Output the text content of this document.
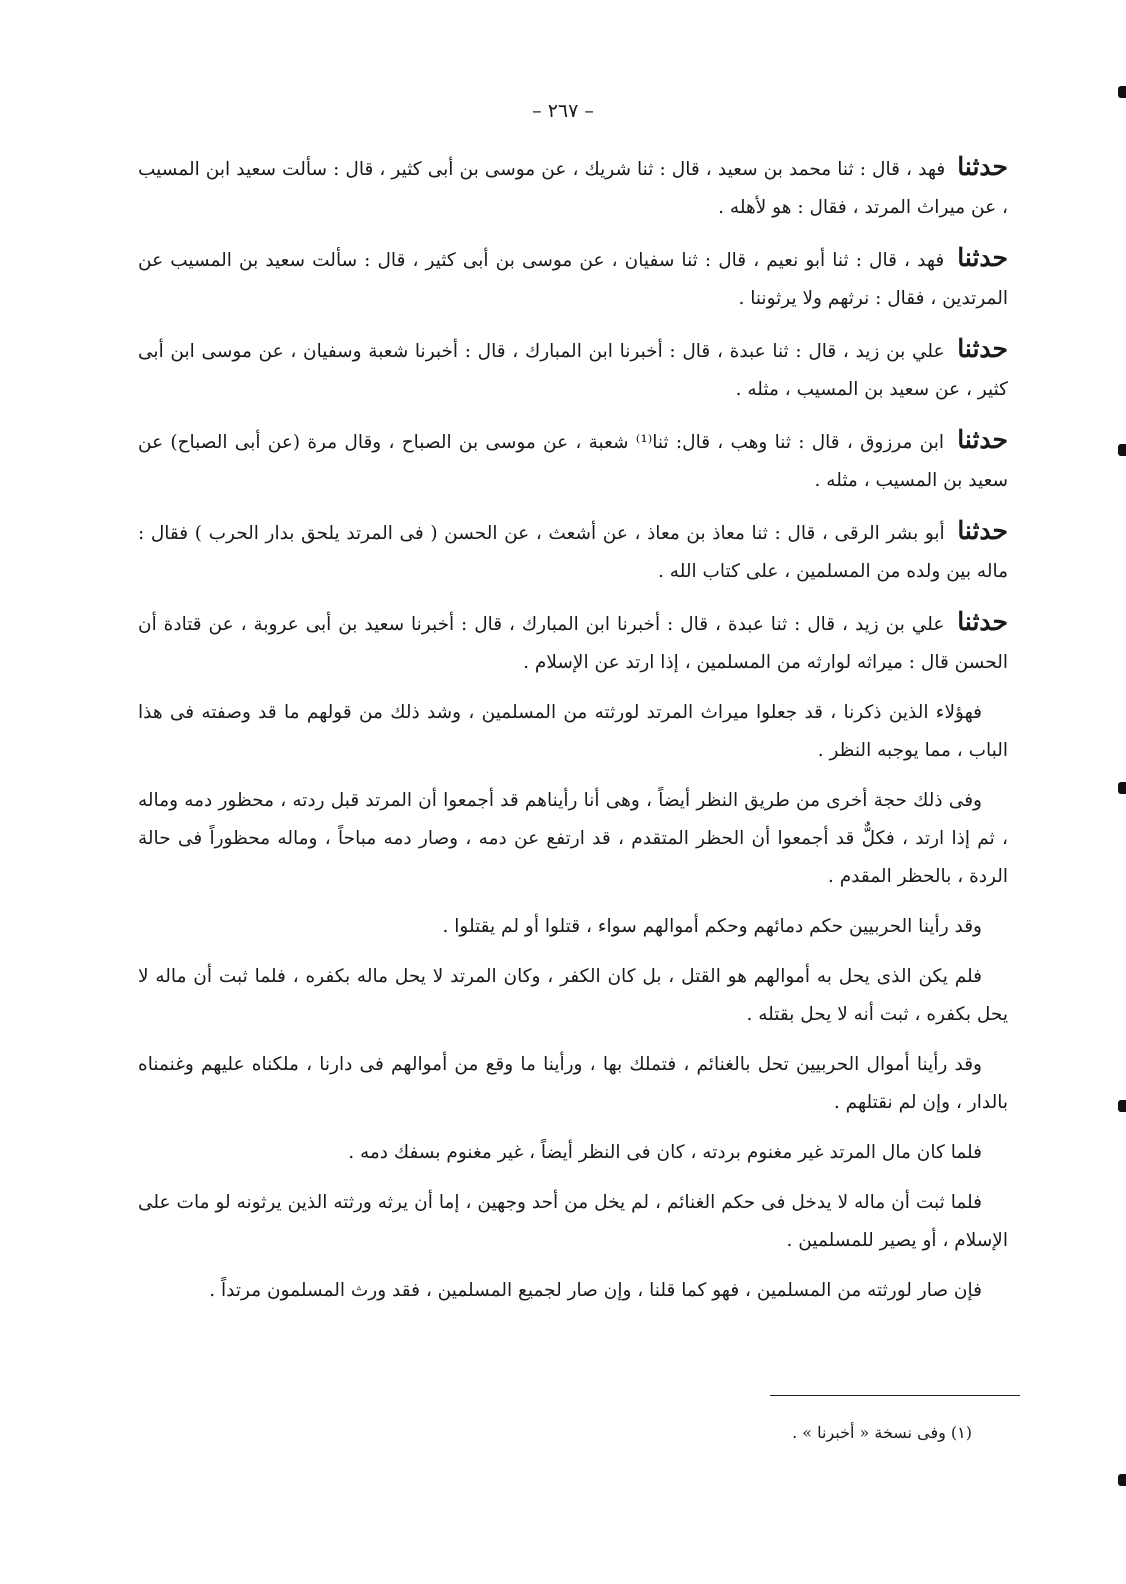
– ٢٦٧ –

حدثنا فهد ، قال : ثنا محمد بن سعيد ، قال : ثنا شريك ، عن موسى بن أبى كثير ، قال : سألت سعيد ابن المسيب ، عن ميراث المرتد ، فقال : هو لأهله .

حدثنا فهد ، قال : ثنا أبو نعيم ، قال : ثنا سفيان ، عن موسى بن أبى كثير ، قال : سألت سعيد بن المسيب عن المرتدين ، فقال : نرثهم ولا يرثوننا .

حدثنا علي بن زيد ، قال : ثنا عبدة ، قال : أخبرنا ابن المبارك ، قال : أخبرنا شعبة وسفيان ، عن موسى ابن أبى كثير ، عن سعيد بن المسيب ، مثله .

حدثنا ابن مرزوق ، قال : ثنا وهب ، قال: ثنا⁽¹⁾ شعبة ، عن موسى بن الصباح ، وقال مرة (عن أبى الصباح) عن سعيد بن المسيب ، مثله .

حدثنا أبو بشر الرقى ، قال : ثنا معاذ بن معاذ ، عن أشعث ، عن الحسن ( فى المرتد يلحق بدار الحرب ) فقال : ماله بين ولده من المسلمين ، على كتاب الله .

حدثنا علي بن زيد ، قال : ثنا عبدة ، قال : أخبرنا ابن المبارك ، قال : أخبرنا سعيد بن أبى عروبة ، عن قتادة أن الحسن قال : ميراثه لوارثه من المسلمين ، إذا ارتد عن الإسلام .

فهؤلاء الذين ذكرنا ، قد جعلوا ميراث المرتد لورثته من المسلمين ، وشد ذلك من قولهم ما قد وصفته فى هذا الباب ، مما يوجبه النظر .

وفى ذلك حجة أخرى من طريق النظر أيضاً ، وهى أنا رأيناهم قد أجمعوا أن المرتد قبل ردته ، محظور دمه وماله ، ثم إذا ارتد ، فكلٌّ قد أجمعوا أن الحظر المتقدم ، قد ارتفع عن دمه ، وصار دمه مباحاً ، وماله محظوراً فى حالة الردة ، بالحظر المقدم .

وقد رأينا الحربيين حكم دمائهم وحكم أموالهم سواء ، قتلوا أو لم يقتلوا .

فلم يكن الذى يحل به أموالهم هو القتل ، بل كان الكفر ، وكان المرتد لا يحل ماله بكفره ، فلما ثبت أن ماله لا يحل بكفره ، ثبت أنه لا يحل بقتله .

وقد رأينا أموال الحربيين تحل بالغنائم ، فتملك بها ، ورأينا ما وقع من أموالهم فى دارنا ، ملكناه عليهم وغنمناه بالدار ، وإن لم نقتلهم .

فلما كان مال المرتد غير مغنوم بردته ، كان فى النظر أيضاً ، غير مغنوم بسفك دمه .

فلما ثبت أن ماله لا يدخل فى حكم الغنائم ، لم يخل من أحد وجهين ، إما أن يرثه ورثته الذين يرثونه لو مات على الإسلام ، أو يصير للمسلمين .

فإن صار لورثته من المسلمين ، فهو كما قلنا ، وإن صار لجميع المسلمين ، فقد ورث المسلمون مرتداً .

(١) وفى نسخة « أخبرنا » .
